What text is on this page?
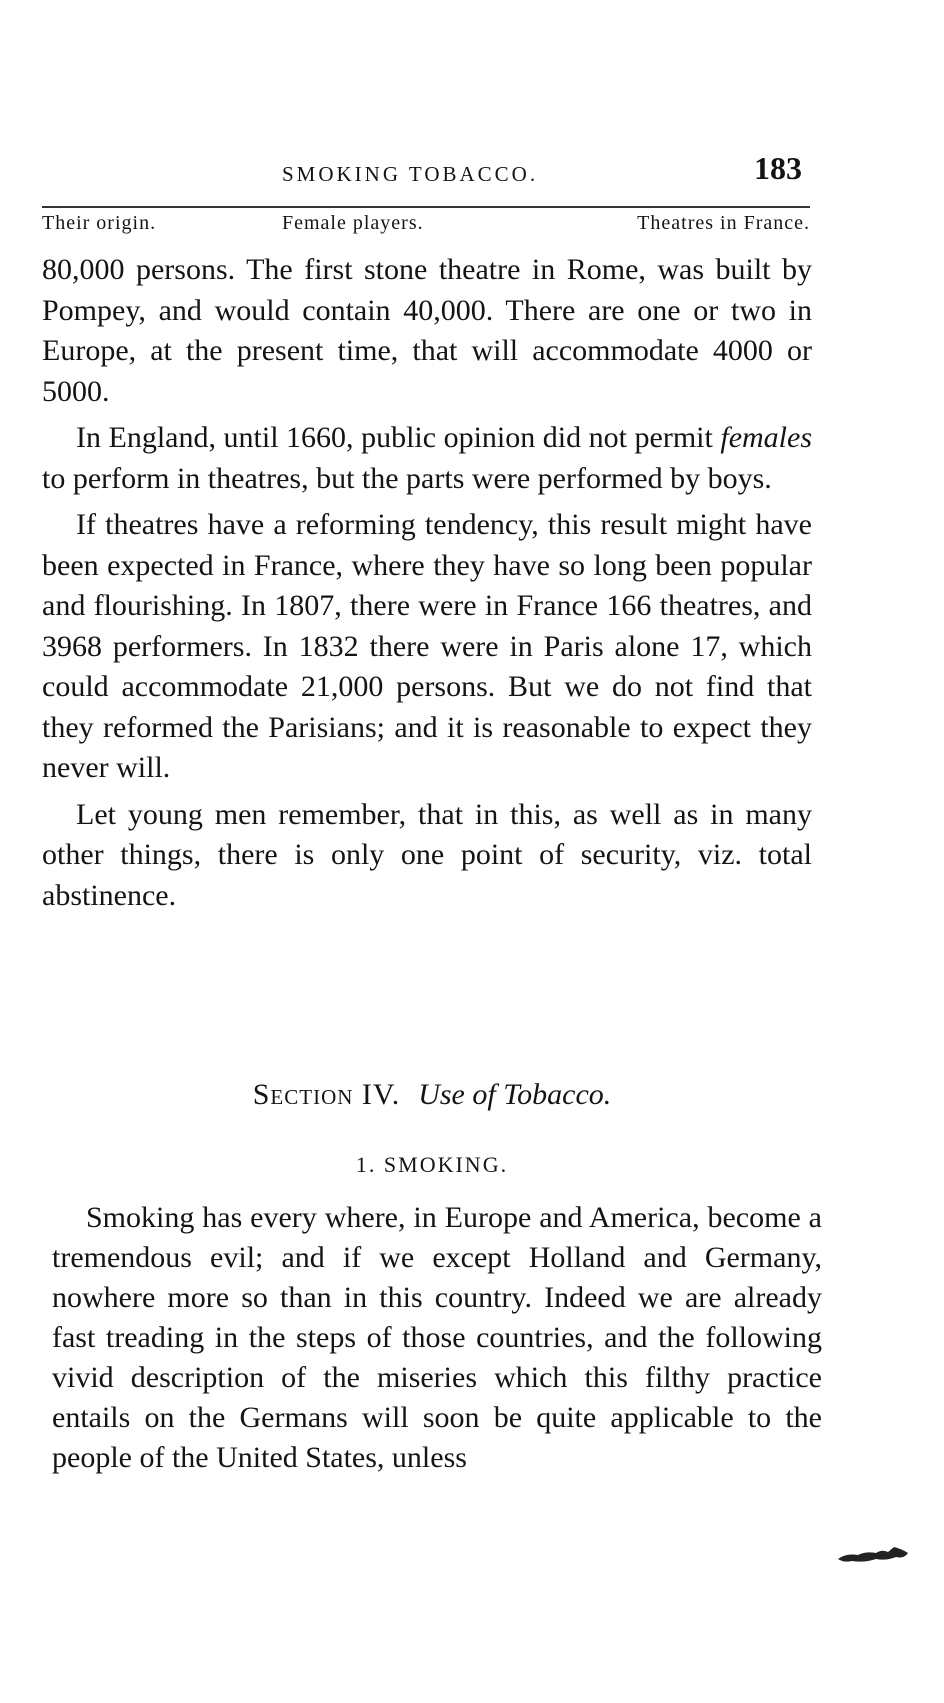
SMOKING TOBACCO.	183
Their origin.	Female players.	Theatres in France.

80,000 persons. The first stone theatre in Rome, was built by Pompey, and would contain 40,000. There are one or two in Europe, at the present time, that will accommodate 4000 or 5000.

In England, until 1660, public opinion did not permit females to perform in theatres, but the parts were performed by boys.

If theatres have a reforming tendency, this result might have been expected in France, where they have so long been popular and flourishing. In 1807, there were in France 166 theatres, and 3968 performers. In 1832 there were in Paris alone 17, which could accommodate 21,000 persons. But we do not find that they reformed the Parisians; and it is reasonable to expect they never will.

Let young men remember, that in this, as well as in many other things, there is only one point of security, viz. total abstinence.

Section IV. Use of Tobacco.
1. SMOKING.

Smoking has every where, in Europe and America, become a tremendous evil; and if we except Holland and Germany, nowhere more so than in this country. Indeed we are already fast treading in the steps of those countries, and the following vivid description of the miseries which this filthy practice entails on the Germans will soon be quite applicable to the people of the United States, unless
